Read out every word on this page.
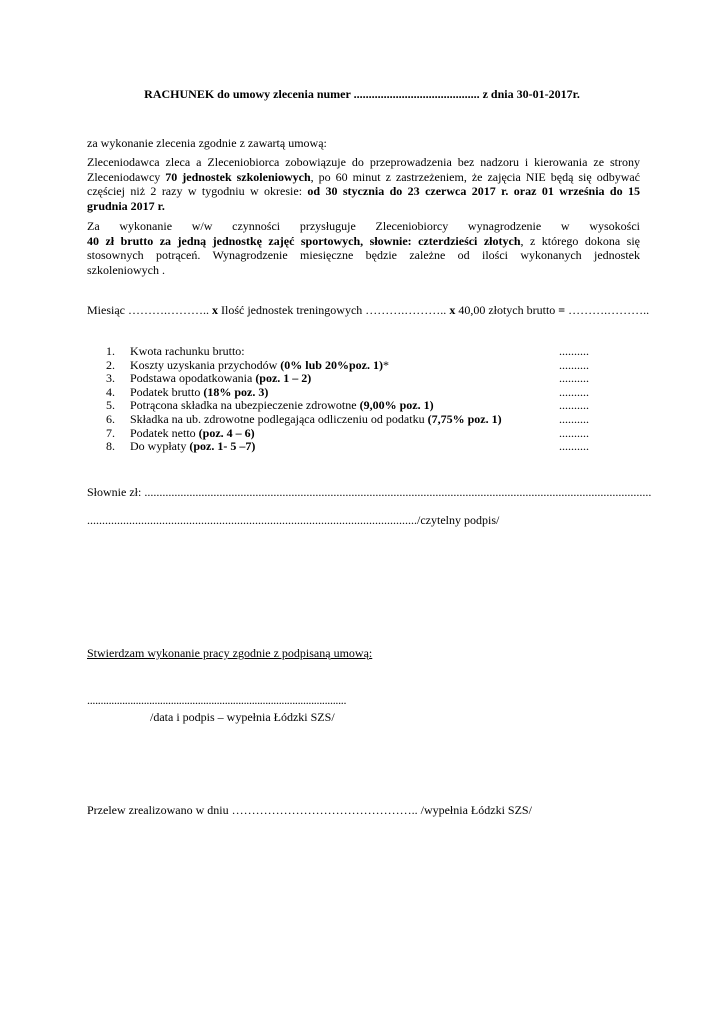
RACHUNEK do umowy zlecenia numer .......................................... z dnia 30-01-2017r.
za wykonanie zlecenia zgodnie z zawartą umową:
Zleceniodawca zleca a Zleceniobiorca zobowiązuje do przeprowadzenia bez nadzoru i kierowania ze strony
Zleceniodawcy 70 jednostek szkoleniowych, po 60 minut z zastrzeżeniem, że zajęcia NIE będą się odbywać
częściej niż 2 razy w tygodniu w okresie: od 30 stycznia do 23 czerwca 2017 r. oraz 01 września do 15
grudnia 2017 r.
Za wykonanie w/w czynności przysługuje Zleceniobiorcy wynagrodzenie w wysokości
40 zł brutto za jedną jednostkę zajęć sportowych, słownie: czterdzieści złotych, z którego dokona się
stosownych potrąceń. Wynagrodzenie miesięczne będzie zależne od ilości wykonanych jednostek
szkoleniowych .
Miesiąc ……….……….. x Ilość jednostek treningowych ……….……….. x 40,00 złotych brutto = ……….………..
1.	Kwota rachunku brutto:	..........
2.	Koszty uzyskania przychodów (0% lub 20%poz. 1)*	..........
3.	Podstawa opodatkowania (poz. 1 – 2)	..........
4.	Podatek brutto (18% poz. 3)	..........
5.	Potrącona składka na ubezpieczenie zdrowotne (9,00% poz. 1)	..........
6.	Składka na ub. zdrowotne podlegająca odliczeniu od podatku (7,75% poz. 1)	..........
7.	Podatek netto (poz. 4 – 6)	..........
8.	Do wypłaty (poz. 1- 5 –7)	..........
Słownie zł: .........................................................................................................................................................................
............................................................................................................../czytelny podpis/
Stwierdzam wykonanie pracy zgodnie z podpisaną umową:
................................................................................................
/data i podpis – wypełnia Łódzki SZS/
Przelew zrealizowano w dniu ……………………………………….. /wypełnia Łódzki SZS/
